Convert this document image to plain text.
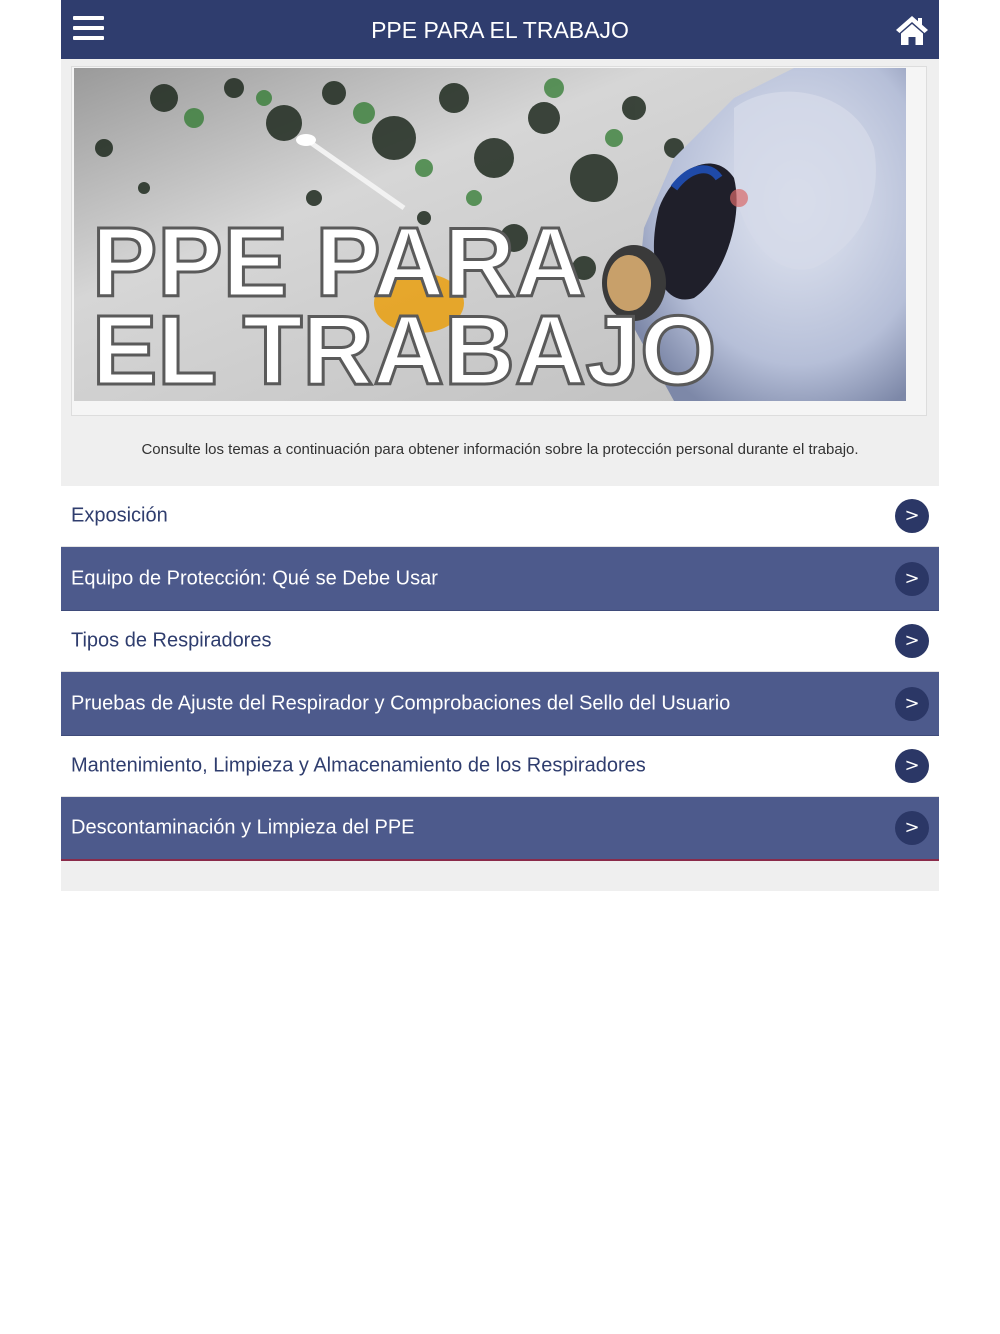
PPE PARA EL TRABAJO
PPE PARA
EL TRABAJO
Consulte los temas a continuación para obtener información sobre la protección personal durante el trabajo.
Exposición	>
Equipo de Protección: Qué se Debe Usar	>
Tipos de Respiradores	>
Pruebas de Ajuste del Respirador y Comprobaciones del Sello del Usuario	>
Mantenimiento, Limpieza y Almacenamiento de los Respiradores	>
Descontaminación y Limpieza del PPE	>
